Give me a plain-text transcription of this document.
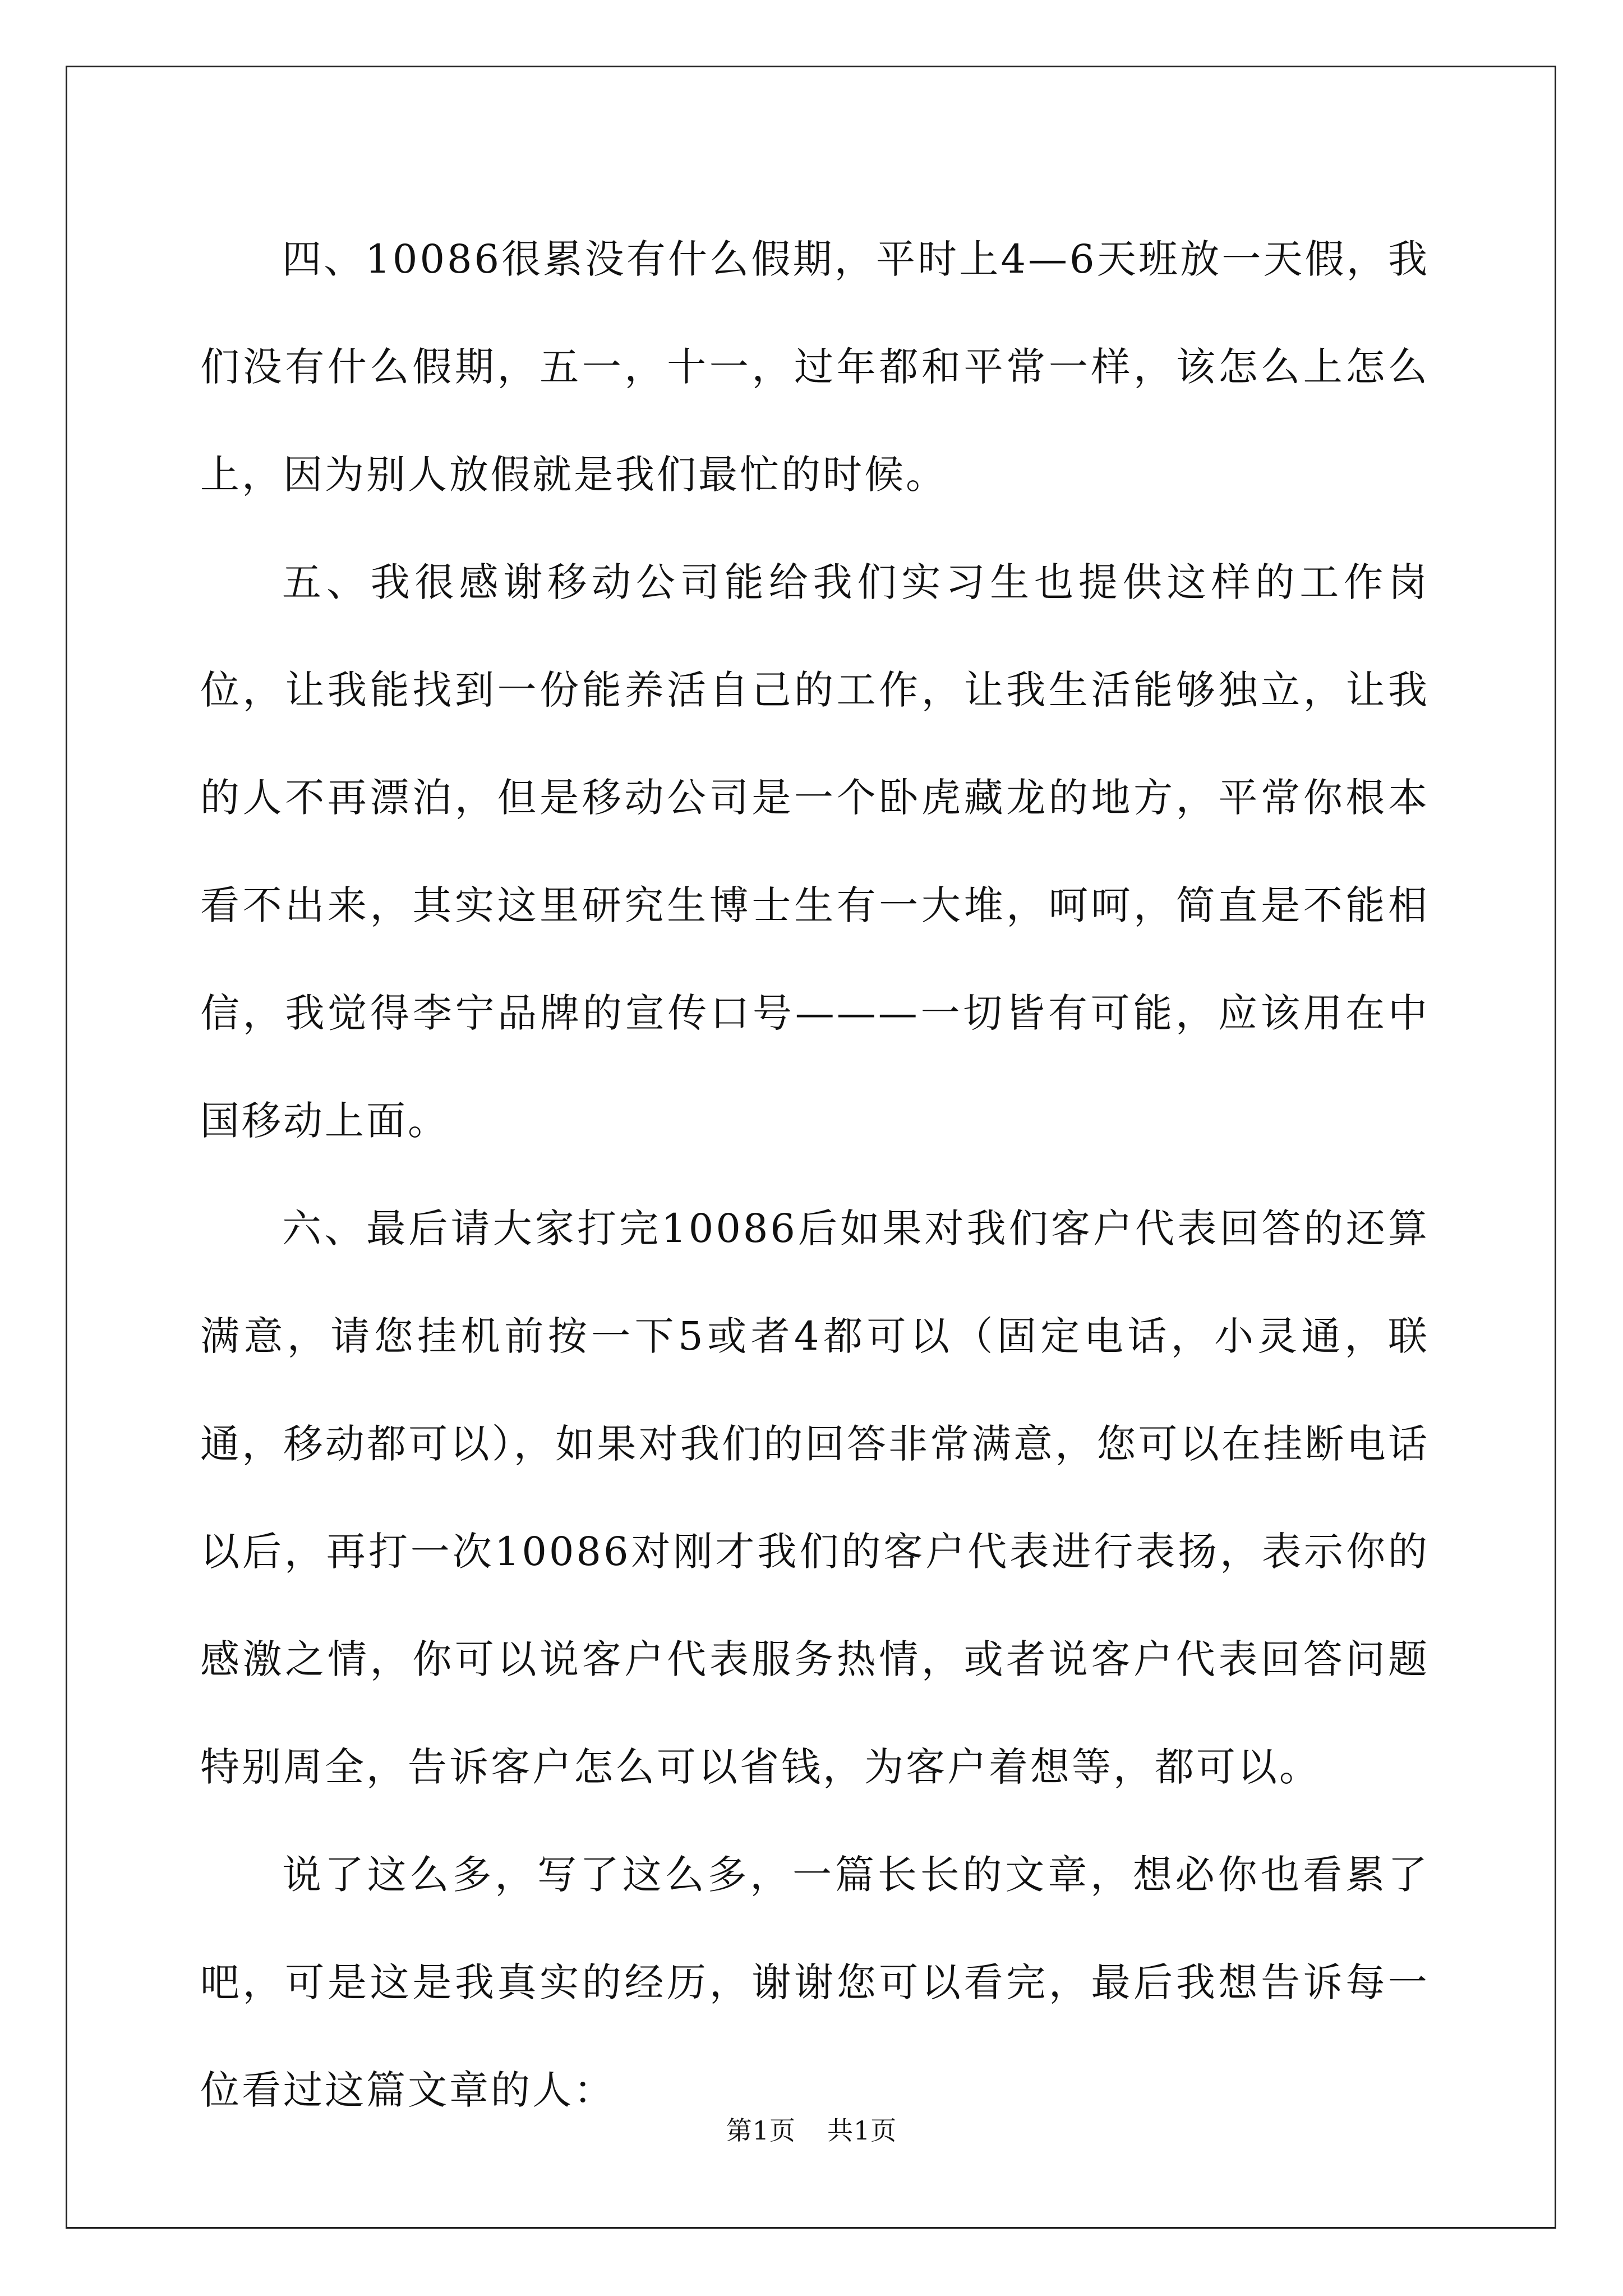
四、10086很累没有什么假期，平时上4—6天班放一天假，我们没有什么假期，五一，十一，过年都和平常一样，该怎么上怎么上，因为别人放假就是我们最忙的时候。

五、我很感谢移动公司能给我们实习生也提供这样的工作岗位，让我能找到一份能养活自己的工作，让我生活能够独立，让我的人不再漂泊，但是移动公司是一个卧虎藏龙的地方，平常你根本看不出来，其实这里研究生博士生有一大堆，呵呵，简直是不能相信，我觉得李宁品牌的宣传口号———一切皆有可能，应该用在中国移动上面。

六、最后请大家打完10086后如果对我们客户代表回答的还算满意，请您挂机前按一下5或者4都可以（固定电话，小灵通，联通，移动都可以），如果对我们的回答非常满意，您可以在挂断电话以后，再打一次10086对刚才我们的客户代表进行表扬，表示你的感激之情，你可以说客户代表服务热情，或者说客户代表回答问题特别周全，告诉客户怎么可以省钱，为客户着想等，都可以。

说了这么多，写了这么多，一篇长长的文章，想必你也看累了吧，可是这是我真实的经历，谢谢您可以看完，最后我想告诉每一位看过这篇文章的人：

第1页 共1页
